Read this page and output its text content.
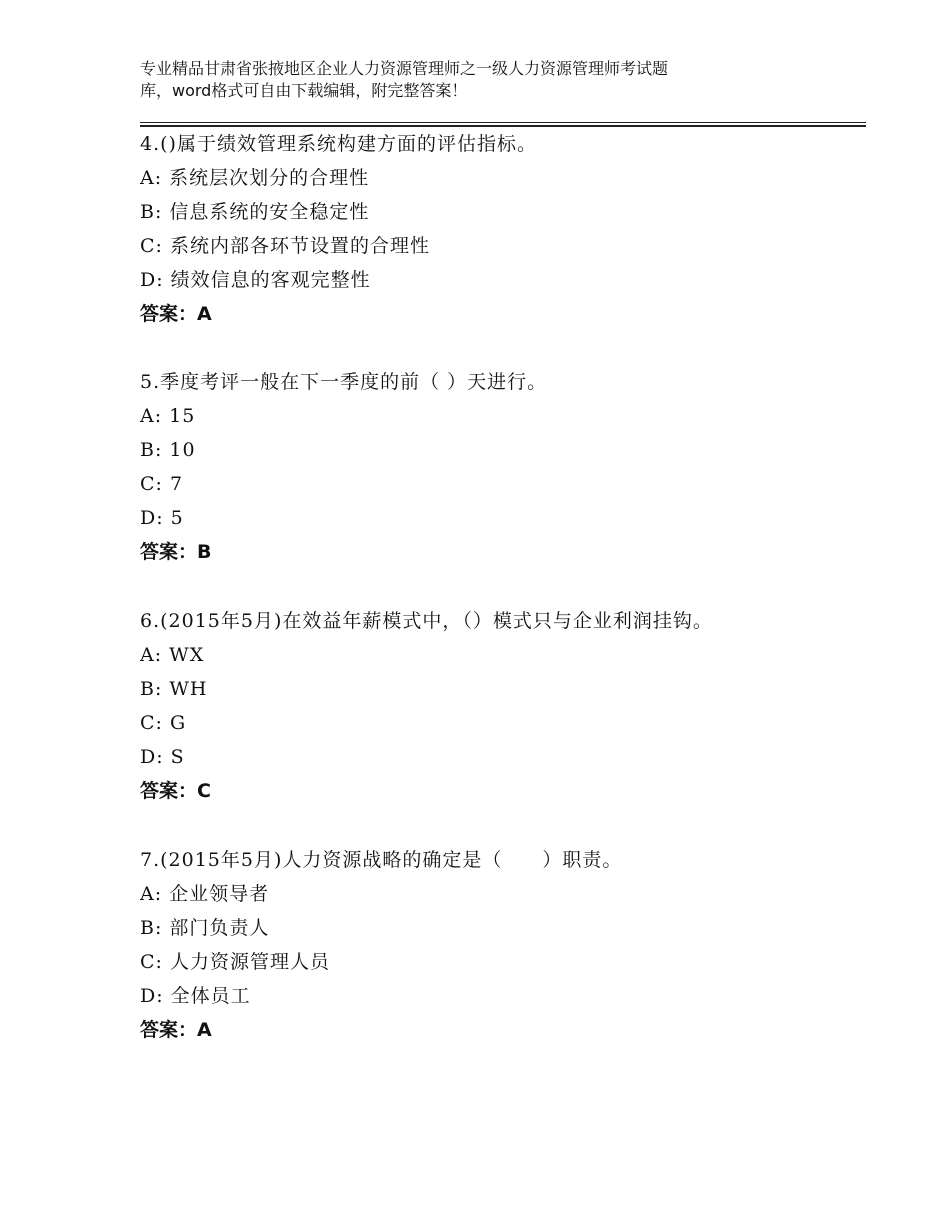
专业精品甘肃省张掖地区企业人力资源管理师之一级人力资源管理师考试题
库，word格式可自由下载编辑，附完整答案！
4.()属于绩效管理系统构建方面的评估指标。
A: 系统层次划分的合理性
B: 信息系统的安全稳定性
C: 系统内部各环节设置的合理性
D: 绩效信息的客观完整性
答案：A
5.季度考评一般在下一季度的前（ ）天进行。
A: 15
B: 10
C: 7
D: 5
答案：B
6.(2015年5月)在效益年薪模式中，（）模式只与企业利润挂钩。
A: WX
B: WH
C: G
D: S
答案：C
7.(2015年5月)人力资源战略的确定是（　　）职责。
A: 企业领导者
B: 部门负责人
C: 人力资源管理人员
D: 全体员工
答案：A
